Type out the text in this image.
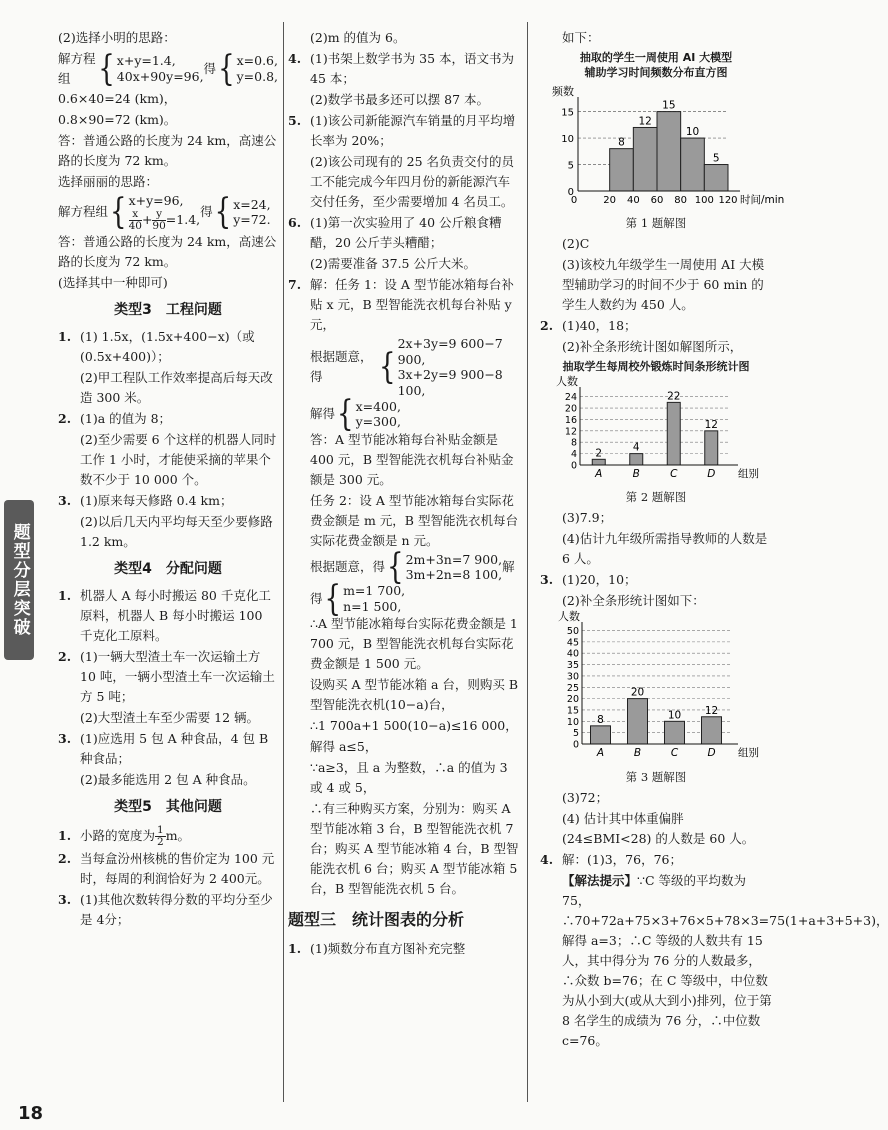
题型分层突破

(2)选择小明的思路：

解方程组	{ x+y=1.4,
40x+90y=96,
得 { x=0.6,
y=0.8,

0.6×40=24 (km)，

0.8×90=72 (km)。

答：普通公路的长度为 24 km，高速公路的长度为 72 km。

选择丽丽的思路：

解方程组 { x+y=96,
$\frac{x}{40} + \frac{y}{90} =1.4$, 得 { x=24,
y=72.

答：普通公路的长度为 24 km，高速公路的长度为 72 km。

(选择其中一种即可)

类型3　工程问题

1. (1) 1.5x，(1.5x+400−x)（或(0.5x+400)）；

(2)甲工程队工作效率提高后每天改造 300 米。

2. (1)a 的值为 8；

(2)至少需要 6 个这样的机器人同时工作 1 小时，才能使采摘的苹果个数不少于 10 000 个。

3. (1)原来每天修路 0.4 km；

(2)以后几天内平均每天至少要修路 1.2 km。

类型4　分配问题

1. 机器人 A 每小时搬运 80 千克化工原料，机器人 B 每小时搬运 100 千克化工原料。

2. (1)一辆大型渣土车一次运输土方 10 吨，一辆小型渣土车一次运输土方 5 吨；

(2)大型渣土车至少需要 12 辆。

3. (1)应选用 5 包 A 种食品，4 包 B 种食品；

(2)最多能选用 2 包 A 种食品。

类型5　其他问题

1. 小路的宽度为 $\frac{1}{2}$ m。

2. 当每盒汾州核桃的售价定为 100 元时，每周的利润恰好为 2 400元。

3. (1)其他次数转得分数的平均分至少是 4分；

(2)m 的值为 6。

4. (1)书架上数学书为 35 本，语文书为 45 本；

(2)数学书最多还可以摆 87 本。

5. (1)该公司新能源汽车销量的月平均增长率为 20%；

(2)该公司现有的 25 名负责交付的员工不能完成今年四月份的新能源汽车交付任务，至少需要增加 4 名员工。

6. (1)第一次实验用了 40 公斤粮食糟醋，20 公斤芋头糟醋；

(2)需要准备 37.5 公斤大米。

7. 解：任务 1：设 A 型节能冰箱每台补贴 x 元，B 型智能洗衣机每台补贴 y 元，

根据题意，得	{
2x+3y=9 600−7 900,
3x+2y=9 900−8 100,
解得 { x=400,
y=300,

答：A 型节能冰箱每台补贴金额是 400 元，B 型智能洗衣机每台补贴金额是 300 元。

任务 2：设 A 型节能冰箱每台实际花费金额是 m 元，B 型智能洗衣机每台实际花费金额是 n 元。

根据题意，得 { 2m+3n=7 900,
3m+2n=8 100,
解
得 { m=1 700,
n=1 500,

∴A 型节能冰箱每台实际花费金额是 1 700 元，B 型智能洗衣机每台实际花费金额是 1 500 元。

设购买 A 型节能冰箱 a 台，则购买 B 型智能洗衣机(10−a)台，

∴1 700a+1 500(10−a)≤16 000，

解得 a≤5，

∵a≥3，且 a 为整数，∴a 的值为 3 或 4 或 5，

∴有三种购买方案，分别为：购买 A 型节能冰箱 3 台，B 型智能洗衣机 7 台；购买 A 型节能冰箱 4 台，B 型智能洗衣机 6 台；购买 A 型节能冰箱 5 台，B 型智能洗衣机 5 台。

题型三　统计图表的分析

1. (1)频数分布直方图补充完整

如下：

抽取的学生一周使用 AI 大模型
辅助学习时间频数分布直方图
频数
0
5
10
15
8
12
15
10
5
0	20 40 60 80 100 120 时间/min
第 1 题解图

(2)C

(3)该校九年级学生一周使用 AI 大模型辅助学习的时间不少于 60 min 的学生人数约为 450 人。

2. (1)40，18；

(2)补全条形统计图如解图所示，

抽取学生每周校外锻炼时间条形统计图
人数
0
4
8
12
16
20
24
2
A
4
B
22
C
12
D 组别
第 2 题解图

(3)7.9；

(4)估计九年级所需指导教师的人数是 6 人。

3. (1)20，10；

(2)补全条形统计图如下：

人数
0
5
10
15
20
25
30
35
40
45
50
8
A
20
B
10
C
12
D 组别
第 3 题解图

(3)72；

(4) 估计其中体重偏胖 (24≤BMI<28) 的人数是 60 人。

4. 解：(1)3，76，76；

【解法提示】∵C 等级的平均数为 75，∴70+72a+75×3+76×5+78×3=75(1+a+3+5+3)，解得 a=3；∴C 等级的人数共有 15 人，其中得分为 76 分的人数最多，∴众数 b=76；在 C 等级中，中位数为从小到大(或从大到小)排列，位于第 8 名学生的成绩为 76 分，∴中位数 c=76。

18
